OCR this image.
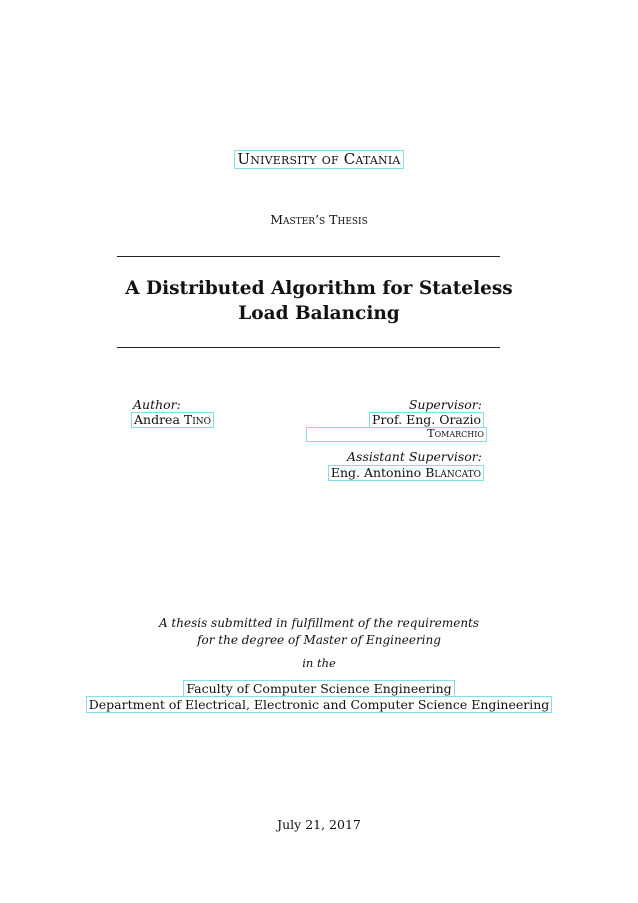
University of Catania
Master’s Thesis
A Distributed Algorithm for Stateless
Load Balancing
Author:
Andrea Tino
Supervisor:
Prof. Eng. Orazio
Tomarchio
Assistant Supervisor:
Eng. Antonino Blancato
A thesis submitted in fulfillment of the requirements
for the degree of Master of Engineering
in the
Faculty of Computer Science Engineering
Department of Electrical, Electronic and Computer Science Engineering
July 21, 2017
